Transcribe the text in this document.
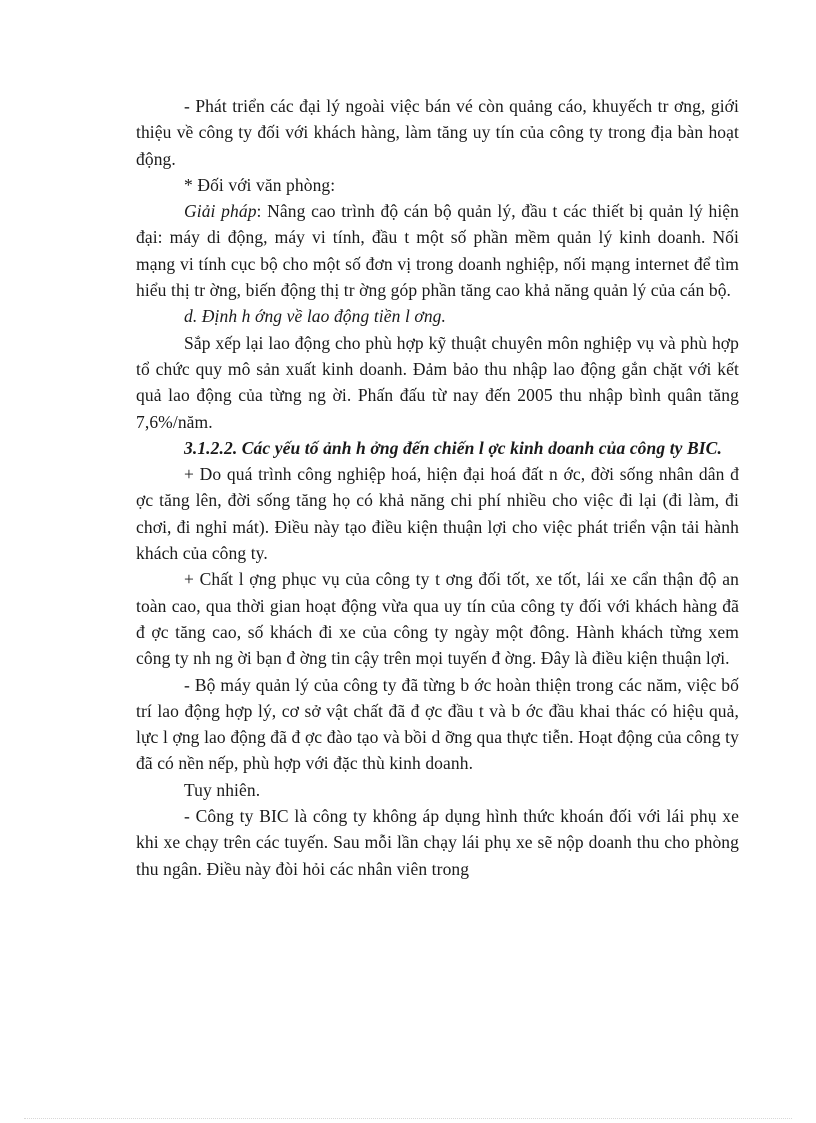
- Phát triển các đại lý ngoài việc bán vé còn quảng cáo, khuyếch tr ơng, giới thiệu về công ty đối với khách hàng, làm tăng uy tín của công ty trong địa bàn hoạt động.

* Đối với văn phòng:

Giải pháp: Nâng cao trình độ cán bộ quản lý, đầu t các thiết bị quản lý hiện đại: máy di động, máy vi tính, đầu t một số phần mềm quản lý kinh doanh. Nối mạng vi tính cục bộ cho một số đơn vị trong doanh nghiệp, nối mạng internet để tìm hiểu thị tr ờng, biến động thị tr ờng góp phần tăng cao khả năng quản lý của cán bộ.

d. Định h ớng về lao động tiền l ơng.

Sắp xếp lại lao động cho phù hợp kỹ thuật chuyên môn nghiệp vụ và phù hợp tổ chức quy mô sản xuất kinh doanh. Đảm bảo thu nhập lao động gắn chặt với kết quả lao động của từng ng ời. Phấn đấu từ nay đến 2005 thu nhập bình quân tăng 7,6%/năm.

3.1.2.2. Các yếu tố ảnh h ởng đến chiến l ợc kinh doanh của công ty BIC.

+ Do quá trình công nghiệp hoá, hiện đại hoá đất n ớc, đời sống nhân dân đ ợc tăng lên, đời sống tăng họ có khả năng chi phí nhiều cho việc đi lại (đi làm, đi chơi, đi nghỉ mát). Điều này tạo điều kiện thuận lợi cho việc phát triển vận tải hành khách của công ty.

+ Chất l ợng phục vụ của công ty t ơng đối tốt, xe tốt, lái xe cẩn thận độ an toàn cao, qua thời gian hoạt động vừa qua uy tín của công ty đối với khách hàng đã đ ợc tăng cao, số khách đi xe của công ty ngày một đông. Hành khách từng xem công ty nh ng ời bạn đ ờng tin cậy trên mọi tuyến đ ờng. Đây là điều kiện thuận lợi.

- Bộ máy quản lý của công ty đã từng b ớc hoàn thiện trong các năm, việc bố trí lao động hợp lý, cơ sở vật chất đã đ ợc đầu t và b ớc đầu khai thác có hiệu quả, lực l ợng lao động đã đ ợc đào tạo và bồi d ỡng qua thực tiễn. Hoạt động của công ty đã có nền nếp, phù hợp với đặc thù kinh doanh.

Tuy nhiên.

- Công ty BIC là công ty không áp dụng hình thức khoán đối với lái phụ xe khi xe chạy trên các tuyến. Sau mỗi lần chạy lái phụ xe sẽ nộp doanh thu cho phòng thu ngân. Điều này đòi hỏi các nhân viên trong
